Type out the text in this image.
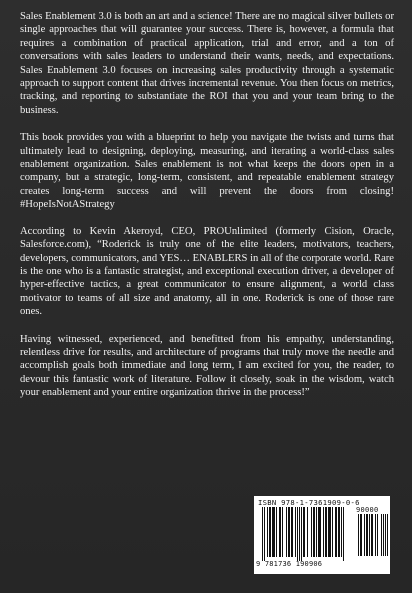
Sales Enablement 3.0 is both an art and a science! There are no magical silver bullets or single approaches that will guarantee your success. There is, however, a formula that requires a combination of practical application, trial and error, and a ton of conversations with sales leaders to understand their wants, needs, and expectations. Sales Enablement 3.0 focuses on increasing sales productivity through a systematic approach to support content that drives incremental revenue. You then focus on metrics, tracking, and reporting to substantiate the ROI that you and your team bring to the business.

This book provides you with a blueprint to help you navigate the twists and turns that ultimately lead to designing, deploying, measuring, and iterating a world-class sales enablement organization. Sales enablement is not what keeps the doors open in a company, but a strategic, long-term, consistent, and repeatable enablement strategy creates long-term success and will prevent the doors from closing! #HopeIsNotAStrategy

According to Kevin Akeroyd, CEO, PROUnlimited (formerly Cision, Oracle, Salesforce.com), “Roderick is truly one of the elite leaders, motivators, teachers, developers, communicators, and YES… ENABLERS in all of the corporate world. Rare is the one who is a fantastic strategist, and exceptional execution driver, a developer of hyper-effective tactics, a great communicator to ensure alignment, a world class motivator to teams of all size and anatomy, all in one. Roderick is one of those rare ones.

Having witnessed, experienced, and benefitted from his empathy, understanding, relentless drive for results, and architecture of programs that truly move the needle and accomplish goals both immediate and long term, I am excited for you, the reader, to devour this fantastic work of literature. Follow it closely, soak in the wisdom, watch your enablement and your entire organization thrive in the process!”

ISBN 978-1-7361909-0-6
90000
9 781736 190906
